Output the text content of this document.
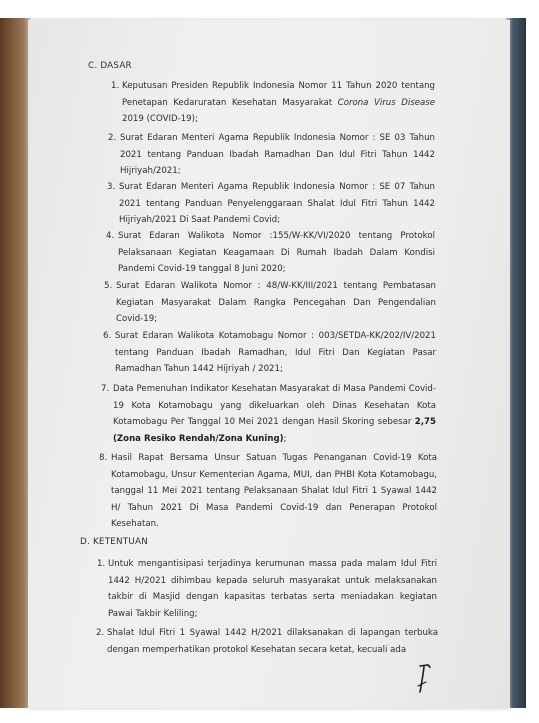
C. DASAR
1. Keputusan Presiden Republik Indonesia Nomor 11 Tahun 2020 tentang Penetapan Kedaruratan Kesehatan Masyarakat Corona Virus Disease 2019 (COVID-19);
2. Surat Edaran Menteri Agama Republik Indonesia Nomor : SE 03 Tahun 2021 tentang Panduan Ibadah Ramadhan Dan Idul Fitri Tahun 1442 Hijriyah/2021;
3. Surat Edaran Menteri Agama Republik Indonesia Nomor : SE 07 Tahun 2021 tentang Panduan Penyelenggaraan Shalat Idul Fitri Tahun 1442 Hijriyah/2021 Di Saat Pandemi Covid;
4. Surat Edaran Walikota Nomor :155/W-KK/VI/2020 tentang Protokol Pelaksanaan Kegiatan Keagamaan Di Rumah Ibadah Dalam Kondisi Pandemi Covid-19 tanggal 8 Juni 2020;
5. Surat Edaran Walikota Nomor : 48/W-KK/III/2021 tentang Pembatasan Kegiatan Masyarakat Dalam Rangka Pencegahan Dan Pengendalian Covid-19;
6. Surat Edaran Walikota Kotamobagu Nomor : 003/SETDA-KK/202/IV/2021 tentang Panduan Ibadah Ramadhan, Idul Fitri Dan Kegiatan Pasar Ramadhan Tahun 1442 Hijriyah / 2021;
7. Data Pemenuhan Indikator Kesehatan Masyarakat di Masa Pandemi Covid-19 Kota Kotamobagu yang dikeluarkan oleh Dinas Kesehatan Kota Kotamobagu Per Tanggal 10 Mei 2021 dengan Hasil Skoring sebesar 2,75 (Zona Resiko Rendah/Zona Kuning);
8. Hasil Rapat Bersama Unsur Satuan Tugas Penanganan Covid-19 Kota Kotamobagu, Unsur Kementerian Agama, MUI, dan PHBI Kota Kotamobagu, tanggal 11 Mei 2021 tentang Pelaksanaan Shalat Idul Fitri 1 Syawal 1442 H/ Tahun 2021 Di Masa Pandemi Covid-19 dan Penerapan Protokol Kesehatan.
D. KETENTUAN
1. Untuk mengantisipasi terjadinya kerumunan massa pada malam Idul Fitri 1442 H/2021 dihimbau kepada seluruh masyarakat untuk melaksanakan takbir di Masjid dengan kapasitas terbatas serta meniadakan kegiatan Pawai Takbir Keliling;
2. Shalat Idul Fitri 1 Syawal 1442 H/2021 dilaksanakan di lapangan terbuka dengan memperhatikan protokol Kesehatan secara ketat, kecuali ada
